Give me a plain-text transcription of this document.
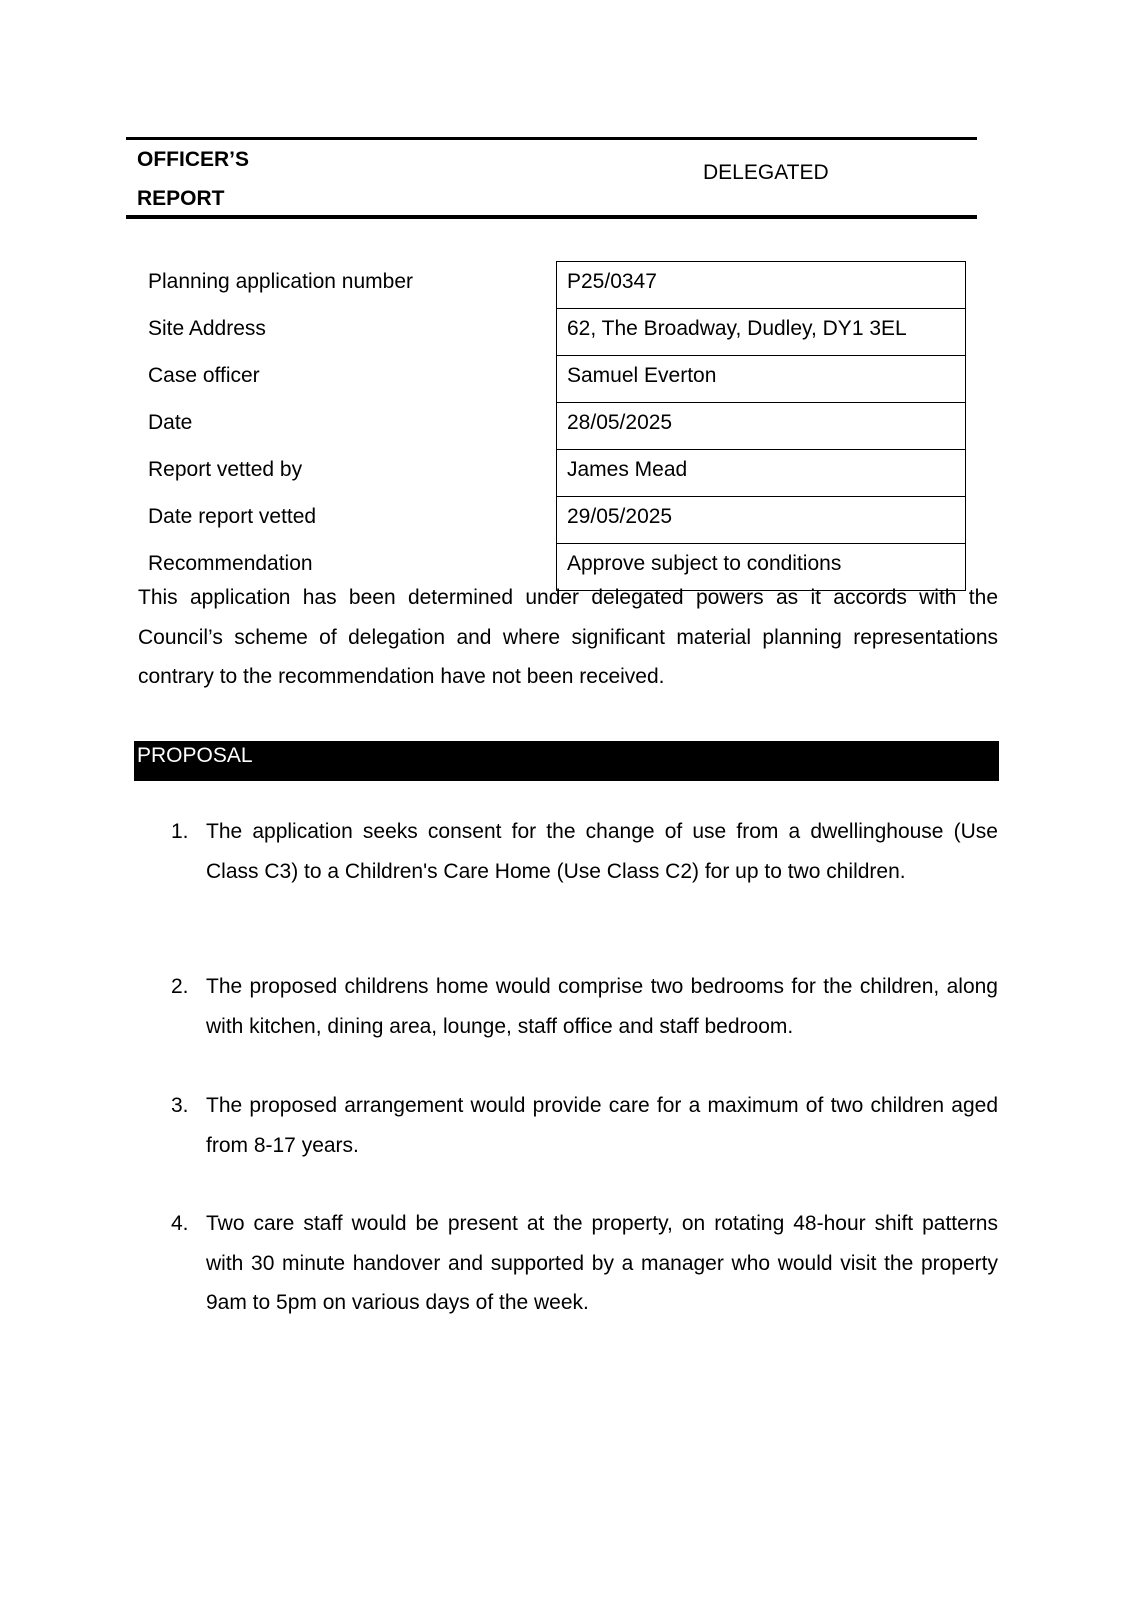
OFFICER’S
REPORT
DELEGATED
Planning application number	P25/0347
Site Address	62, The Broadway, Dudley, DY1 3EL
Case officer	Samuel Everton
Date	28/05/2025
Report vetted by	James Mead
Date report vetted	29/05/2025
Recommendation	Approve subject to conditions

This application has been determined under delegated powers as it accords with the Council’s scheme of delegation and where significant material planning representations contrary to the recommendation have not been received.

PROPOSAL
1. The application seeks consent for the change of use from a dwellinghouse (Use Class C3) to a Children's Care Home (Use Class C2) for up to two children.

2. The proposed childrens home would comprise two bedrooms for the children, along with kitchen, dining area, lounge, staff office and staff bedroom.

3. The proposed arrangement would provide care for a maximum of two children aged from 8-17 years.

4. Two care staff would be present at the property, on rotating 48-hour shift patterns with 30 minute handover and supported by a manager who would visit the property 9am to 5pm on various days of the week.
